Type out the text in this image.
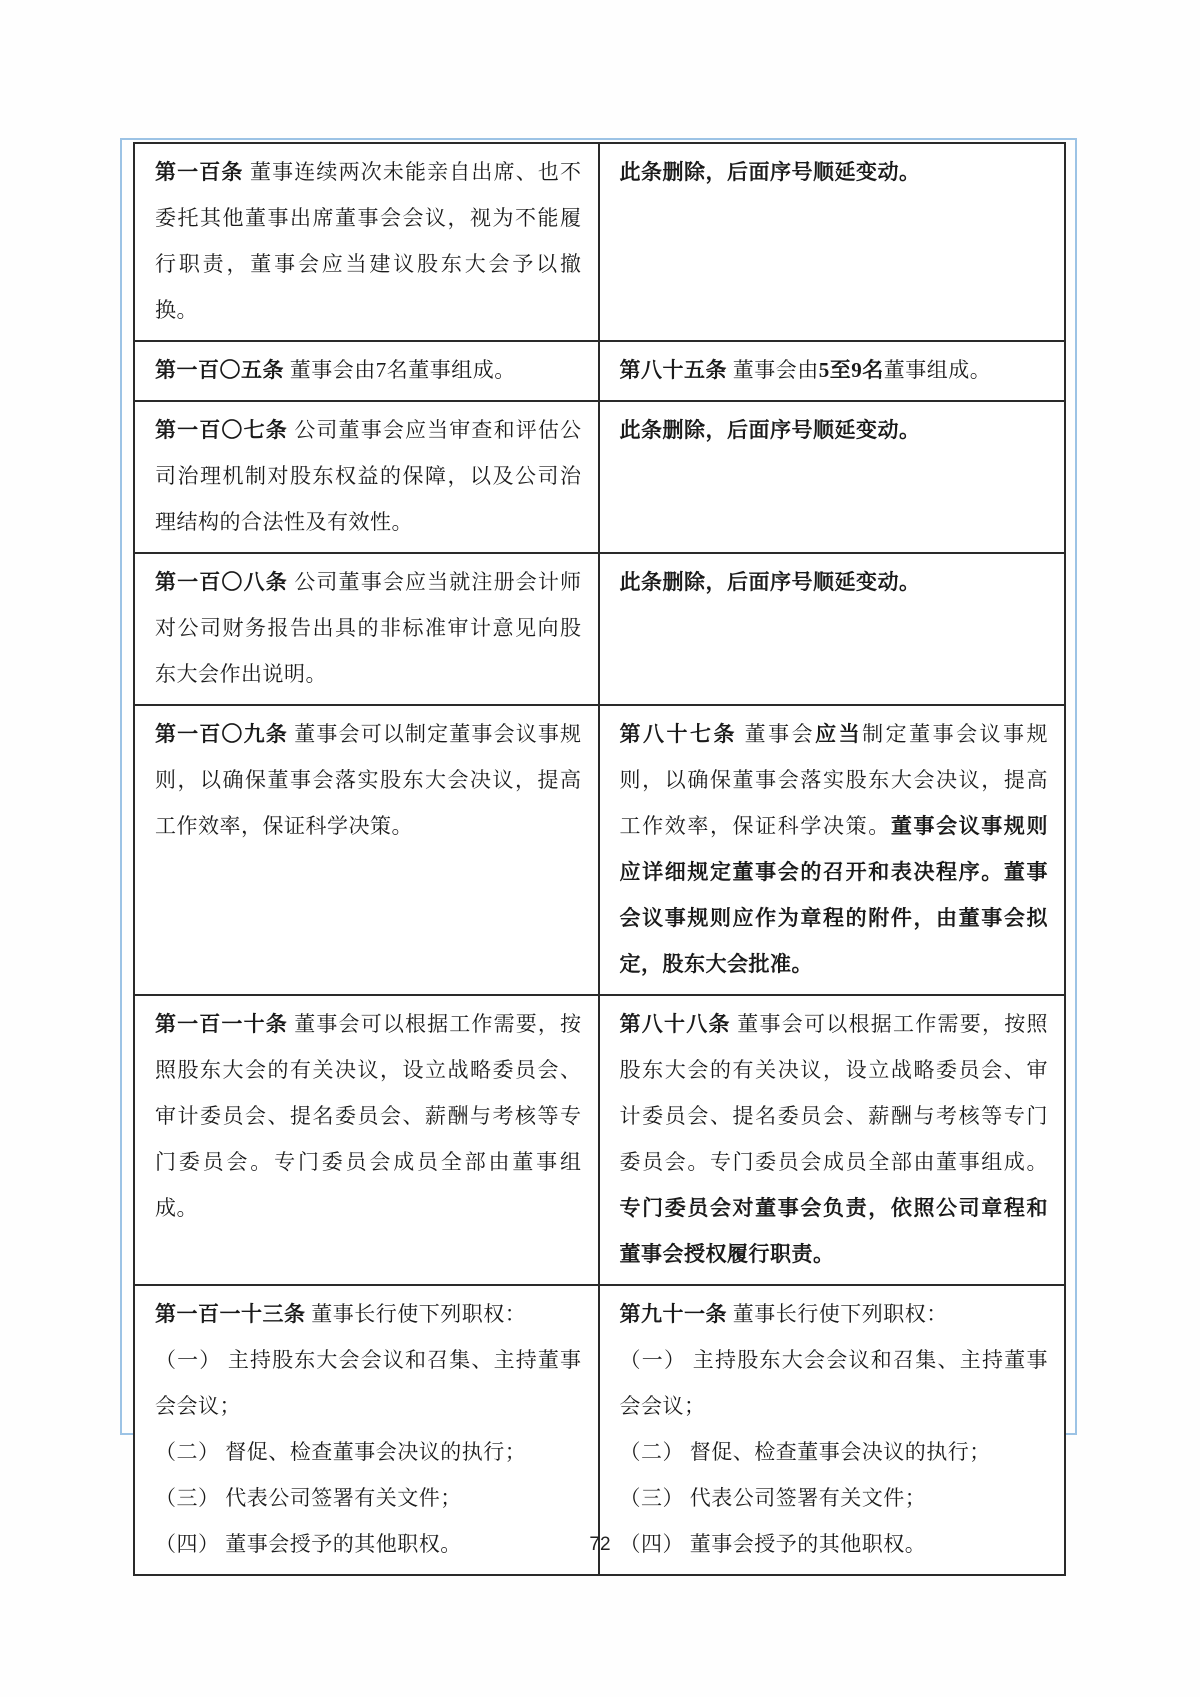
第一百条 董事连续两次未能亲自出席、也不委托其他董事出席董事会会议，视为不能履行职责，董事会应当建议股东大会予以撤换。

此条删除，后面序号顺延变动。

第一百〇五条 董事会由7名董事组成。	第八十五条 董事会由5至9名董事组成。

第一百〇七条 公司董事会应当审查和评估公司治理机制对股东权益的保障，以及公司治理结构的合法性及有效性。

此条删除，后面序号顺延变动。

第一百〇八条 公司董事会应当就注册会计师对公司财务报告出具的非标准审计意见向股东大会作出说明。

此条删除，后面序号顺延变动。

第一百〇九条 董事会可以制定董事会议事规则，以确保董事会落实股东大会决议，提高工作效率，保证科学决策。

第八十七条 董事会应当制定董事会议事规则，以确保董事会落实股东大会决议，提高工作效率，保证科学决策。董事会议事规则应详细规定董事会的召开和表决程序。董事会议事规则应作为章程的附件，由董事会拟定，股东大会批准。

第一百一十条 董事会可以根据工作需要，按照股东大会的有关决议，设立战略委员会、审计委员会、提名委员会、薪酬与考核等专门委员会。专门委员会成员全部由董事组成。

第八十八条 董事会可以根据工作需要，按照股东大会的有关决议，设立战略委员会、审计委员会、提名委员会、薪酬与考核等专门委员会。专门委员会成员全部由董事组成。专门委员会对董事会负责，依照公司章程和董事会授权履行职责。

第一百一十三条 董事长行使下列职权：

（一） 主持股东大会会议和召集、主持董事会会议；

（二） 督促、检查董事会决议的执行；

（三） 代表公司签署有关文件；

（四） 董事会授予的其他职权。

第九十一条 董事长行使下列职权：

（一） 主持股东大会会议和召集、主持董事会会议；

（二） 督促、检查董事会决议的执行；

（三） 代表公司签署有关文件；

（四） 董事会授予的其他职权。

72
